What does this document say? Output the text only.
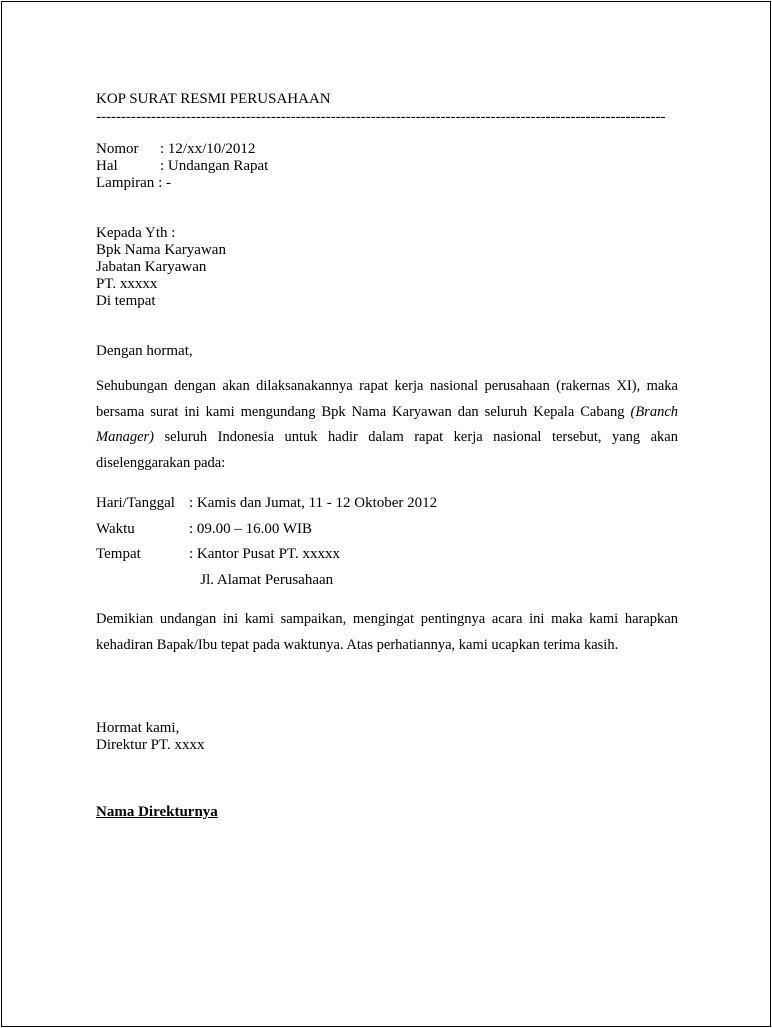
KOP SURAT RESMI PERUSAHAAN
------------------------------------------------------------------------------------------------------------------
Nomor	: 12/xx/10/2012
Hal	: Undangan Rapat
Lampiran : -
Kepada Yth :
Bpk Nama Karyawan
Jabatan Karyawan
PT. xxxxx
Di tempat
Dengan hormat,
Sehubungan dengan akan dilaksanakannya rapat kerja nasional perusahaan (rakernas XI), maka bersama surat ini kami mengundang Bpk Nama Karyawan dan seluruh Kepala Cabang (Branch Manager) seluruh Indonesia untuk hadir dalam rapat kerja nasional tersebut, yang akan diselenggarakan pada:
Hari/Tanggal : Kamis dan Jumat, 11 - 12 Oktober 2012
Waktu	: 09.00 – 16.00 WIB
Tempat	: Kantor Pusat PT. xxxxx
Jl. Alamat Perusahaan
Demikian undangan ini kami sampaikan, mengingat pentingnya acara ini maka kami harapkan kehadiran Bapak/Ibu tepat pada waktunya. Atas perhatiannya, kami ucapkan terima kasih.
Hormat kami,
Direktur PT. xxxx
Nama Direkturnya
